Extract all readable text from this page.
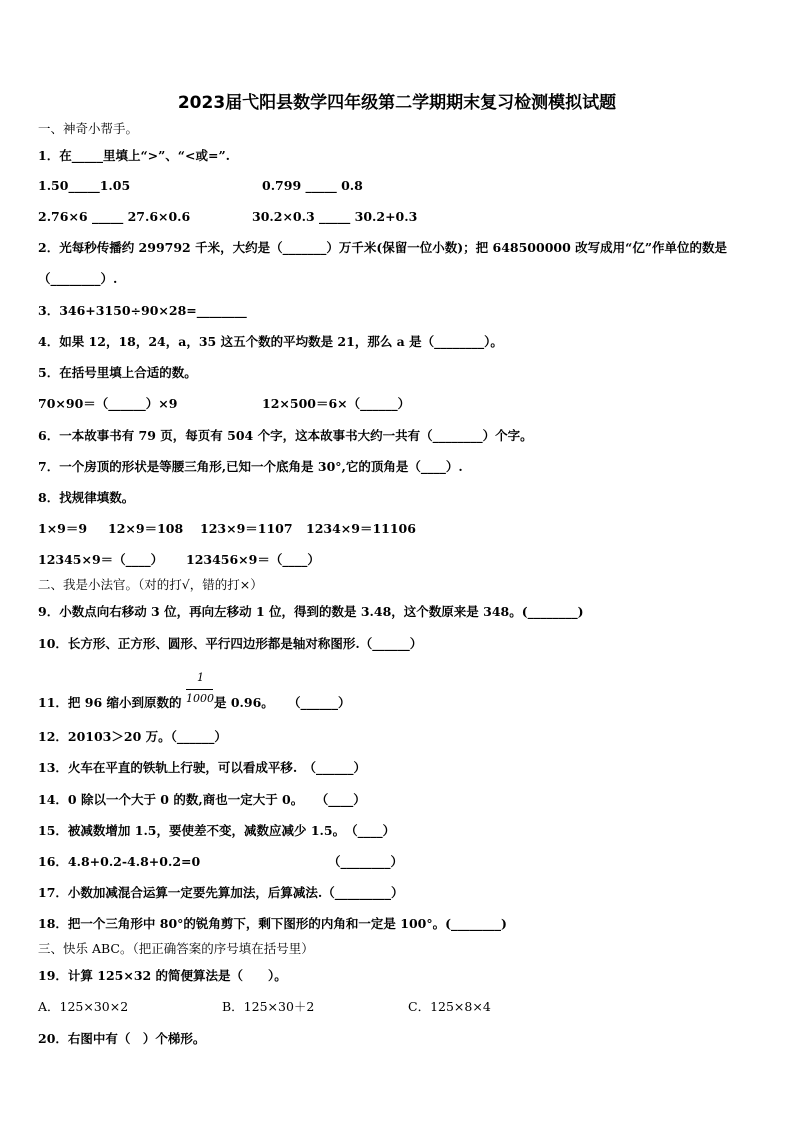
2023届弋阳县数学四年级第二学期期末复习检测模拟试题
一、神奇小帮手。
1．在_____里填上“>”、“<或=”.
1.50_____1.05	0.799 _____ 0.8
2.76×6 _____ 27.6×0.6	30.2×0.3 _____ 30.2+0.3
2．光每秒传播约 299792 千米，大约是（_______）万千米(保留一位小数)；把 648500000 改写成用“亿”作单位的数是
（________）.
3．346+3150÷90×28=________
4．如果 12，18，24，a，35 这五个数的平均数是 21，那么 a 是（________）。
5．在括号里填上合适的数。
70×90＝（______）×9	12×500＝6×（______）
6．一本故事书有 79 页，每页有 504 个字，这本故事书大约一共有（________）个字。
7．一个房顶的形状是等腰三角形,已知一个底角是 30°,它的顶角是（____）.
8．找规律填数。
1×9＝9 12×9＝108 123×9＝1107 1234×9＝11106
12345×9＝（____） 123456×9＝（____）
二、我是小法官。（对的打√，错的打×）
9．小数点向右移动 3 位，再向左移动 1 位，得到的数是 3.48，这个数原来是 348。(________)
10．长方形、正方形、圆形、平行四边形都是轴对称图形.（______）
11．把 96 缩小到原数的
1
1000 是 0.96。 （______）
12．20103＞20 万。（______）
13．火车在平直的铁轨上行驶，可以看成平移.　（______）
14．0 除以一个大于 0 的数,商也一定大于 0。　　（____）
15．被减数增加 1.5，要使差不变，减数应减少 1.5。　（____）
16．4.8+0.2-4.8+0.2=0	（________）
17．小数加减混合运算一定要先算加法，后算减法.（_________）
18．把一个三角形中 80°的锐角剪下，剩下图形的内角和一定是 100°。(________)
三、快乐 ABC。（把正确答案的序号填在括号里）
19．计算 125×32 的简便算法是（　　）。
A．125×30×2	B．125×30＋2	C．125×8×4
20．右图中有（　）个梯形。
